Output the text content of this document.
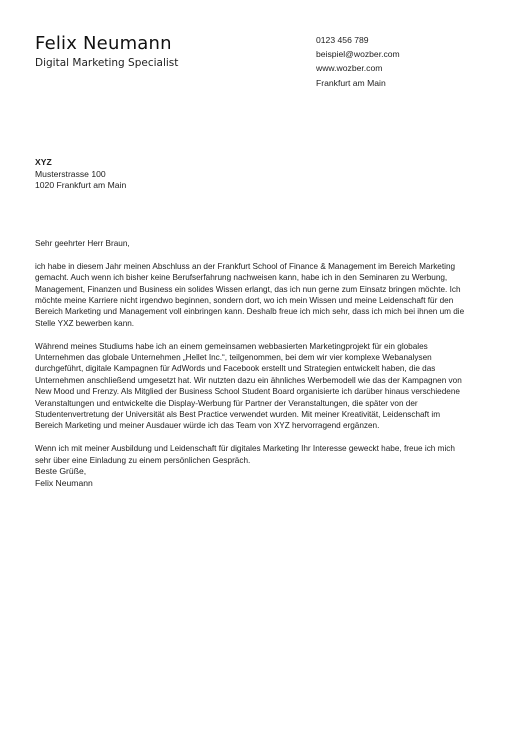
Felix Neumann
Digital Marketing Specialist
0123 456 789
beispiel@wozber.com
www.wozber.com
Frankfurt am Main
XYZ
Musterstrasse 100
1020 Frankfurt am Main

Sehr geehrter Herr Braun,

ich habe in diesem Jahr meinen Abschluss an der Frankfurt School of Finance & Management im Bereich Marketing gemacht. Auch wenn ich bisher keine Berufserfahrung nachweisen kann, habe ich in den Seminaren zu Werbung, Management, Finanzen und Business ein solides Wissen erlangt, das ich nun gerne zum Einsatz bringen möchte. Ich möchte meine Karriere nicht irgendwo beginnen, sondern dort, wo ich mein Wissen und meine Leidenschaft für den Bereich Marketing und Management voll einbringen kann. Deshalb freue ich mich sehr, dass ich mich bei ihnen um die Stelle YXZ bewerben kann.

Während meines Studiums habe ich an einem gemeinsamen webbasierten Marketingprojekt für ein globales Unternehmen das globale Unternehmen „Hellet Inc.“, teilgenommen, bei dem wir vier komplexe Webanalysen durchgeführt, digitale Kampagnen für AdWords und Facebook erstellt und Strategien entwickelt haben, die das Unternehmen anschließend umgesetzt hat. Wir nutzten dazu ein ähnliches Werbemodell wie das der Kampagnen von New Mood und Frenzy. Als Mitglied der Business School Student Board organisierte ich darüber hinaus verschiedene Veranstaltungen und entwickelte die Display-Werbung für Partner der Veranstaltungen, die später von der Studentenvertretung der Universität als Best Practice verwendet wurden. Mit meiner Kreativität, Leidenschaft im Bereich Marketing und meiner Ausdauer würde ich das Team von XYZ hervorragend ergänzen.

Wenn ich mit meiner Ausbildung und Leidenschaft für digitales Marketing Ihr Interesse geweckt habe, freue ich mich sehr über eine Einladung zu einem persönlichen Gespräch.

Beste Grüße,
Felix Neumann
